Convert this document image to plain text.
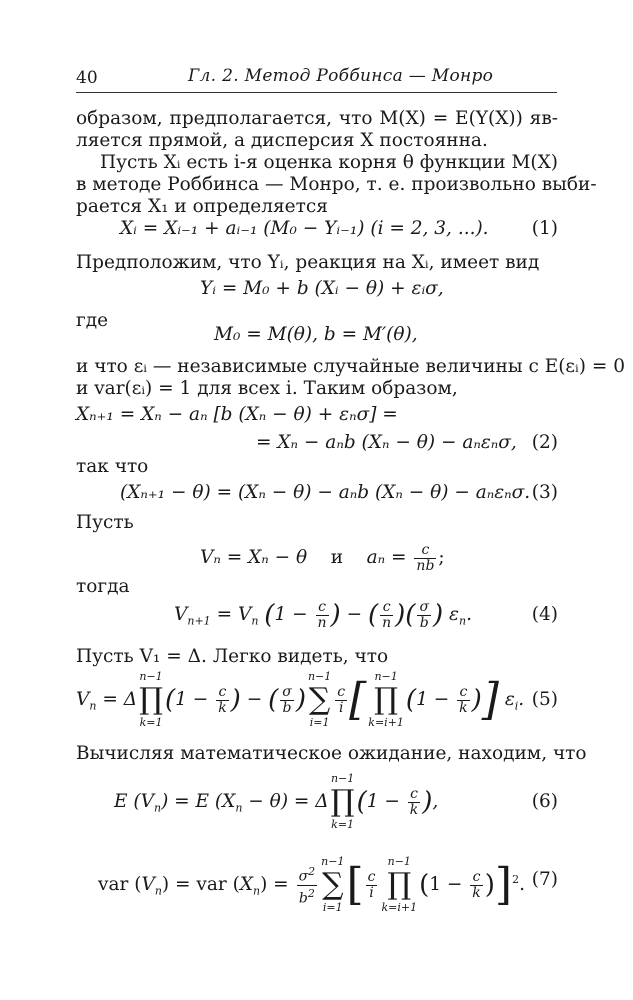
40	Гл. 2. Метод Роббинса — Монро
образом, предполагается, что M(X) = E(Y(X)) яв-
ляется прямой, а дисперсия X постоянна.
Пусть Xᵢ есть i-я оценка корня θ функции M(X)
в методе Роббинса — Монро, т. е. произвольно выби-
рается X₁ и определяется
Xᵢ = Xᵢ₋₁ + aᵢ₋₁ (M₀ − Yᵢ₋₁) (i = 2, 3, ...). (1)
Предположим, что Yᵢ, реакция на Xᵢ, имеет вид
Yᵢ = M₀ + b (Xᵢ − θ) + εᵢσ,
где
M₀ = M(θ), b = M′(θ),
и что εᵢ — независимые случайные величины с E(εᵢ) = 0
и var(εᵢ) = 1 для всех i. Таким образом,
Xₙ₊₁ = Xₙ − aₙ [b (Xₙ − θ) + εₙσ] =
= Xₙ − aₙb (Xₙ − θ) − aₙεₙσ, (2)
так что
(Xₙ₊₁ − θ) = (Xₙ − θ) − aₙb (Xₙ − θ) − aₙεₙσ. (3)
Пусть
Vₙ = Xₙ − θ и $a_n = \frac{c}{nb}$ ;
тогда
$V_{n+1} = V_n$ ($1 - \frac{c}{n}$ ) − ( $\frac{c}{n}$ )( $\frac{\sigma}{b}$ ) $\varepsilon_n$.	(4)
Пусть V₁ = Δ. Легко видеть, что
$V_n = \Delta$
n−1
∏
k=1
($1 - \frac{c}{k}$ ) − ( $\frac{\sigma}{b}$ )
n−1
∑
i=1
$\frac{c}{i}$ [ n−1
∏
k=i+1
($1 - \frac{c}{k}$ )] $\varepsilon_i$. (5)
Вычисляя математическое ожидание, находим, что
E $(V_n) = E$ $(X_n - \theta) = \Delta$
n−1
∏
k=1
($1 - \frac{c}{k}$ ),	(6)
var $(V_n)$ = var $(X_n) = \frac{\sigma^2}{b^2}$
n−1
∑
i=1 [ $\frac{c}{i}$
n−1
∏
k=i+1
$(1 - \frac{c}{k} )]^2$. (7)
